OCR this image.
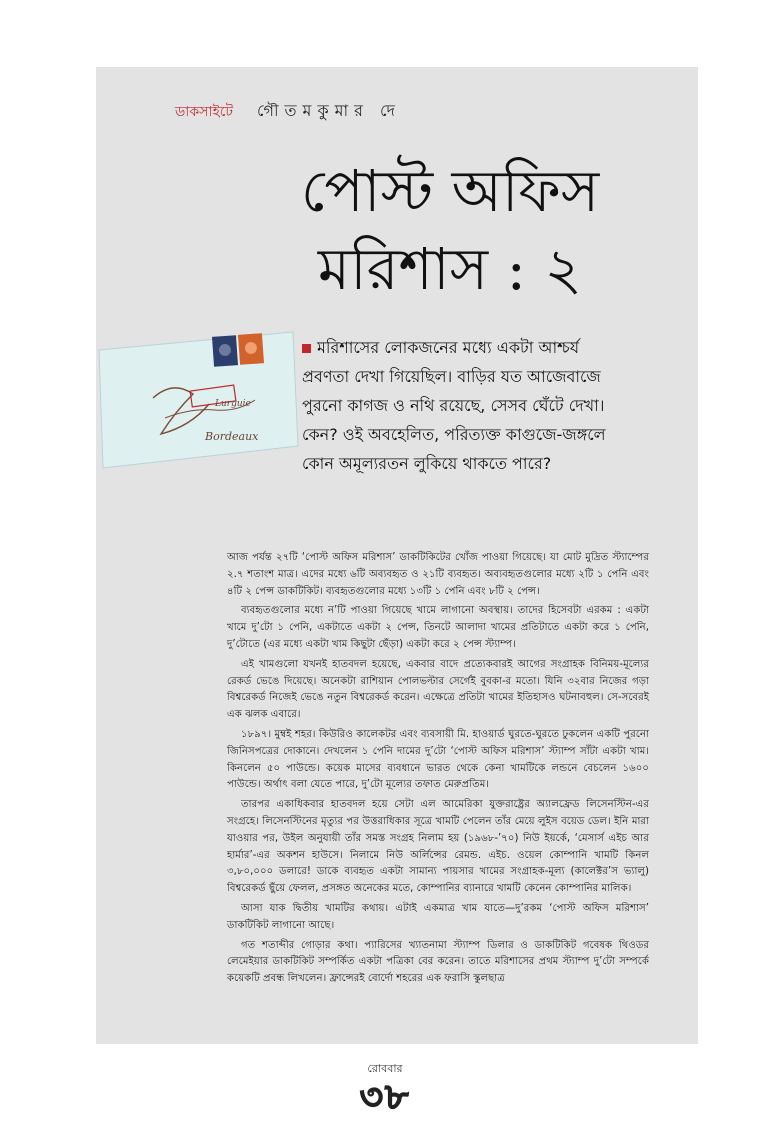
ডাকসাইটে গৌতমকুমার দে
পোস্ট অফিস
মরিশাস : ২
Lurguie
Bordeaux
মরিশাসের লোকজনের মধ্যে একটা আশ্চর্য
প্রবণতা দেখা গিয়েছিল। বাড়ির যত আজেবাজে
পুরনো কাগজ ও নথি রয়েছে, সেসব ঘেঁটে দেখা।
কেন? ওই অবহেলিত, পরিত্যক্ত কাগুজে-জঙ্গলে
কোন অমূল্যরতন লুকিয়ে থাকতে পারে?

আজ পর্যন্ত ২৭টি ‘পোস্ট অফিস মরিশাস’ ডাকটিকিটের খোঁজ পাওয়া গিয়েছে। যা মোট মুদ্রিত স্ট্যাম্পের ২.৭ শতাংশ মাত্র। এদের মধ্যে ৬টি অব্যবহৃত ও ২১টি ব্যবহৃত। অব্যবহৃতগুলোর মধ্যে ২টি ১ পেনি এবং ৪টি ২ পেন্স ডাকটিকিট। ব্যবহৃতগুলোর মধ্যে ১৩টি ১ পেনি এবং ৮টি ২ পেন্স।

ব্যবহৃতগুলোর মধ্যে ন’টি পাওয়া গিয়েছে খামে লাগানো অবস্থায়। তাদের হিসেবটা এরকম : একটা খামে দু’টো ১ পেনি, একটাতে একটা ২ পেন্স, তিনটে আলাদা খামের প্রতিটাতে একটা করে ১ পেনি, দু’টোতে (এর মধ্যে একটা খাম কিছুটা ছেঁড়া) একটা করে ২ পেন্স স্ট্যাম্প।

এই খামগুলো যখনই হাতবদল হয়েছে, একবার বাদে প্রত্যেকবারই আগের সংগ্রাহক বিনিময়-মূল্যের রেকর্ড ভেঙে দিয়েছে। অনেকটা রাশিয়ান পোলভল্টার সের্গেই বুবকা-র মতো। যিনি ৩২বার নিজের গড়া বিশ্বরেকর্ড নিজেই ভেঙে নতুন বিশ্বরেকর্ড করেন। এক্ষেত্রে প্রতিটা খামের ইতিহাসও ঘটনাবহুল। সে-সবেরই এক ঝলক এবারে।

১৮৯৭। মুম্বই শহর। কিউরিও কালেকটর এবং ব্যবসায়ী মি. হাওয়ার্ড ঘুরতে-ঘুরতে ঢুকলেন একটি পুরনো জিনিসপত্রের দোকানে। দেখলেন ১ পেনি দামের দু’টো ‘পোস্ট অফিস মরিশাস’ স্ট্যাম্প সাঁটা একটা খাম। কিনলেন ৫০ পাউন্ডে। কয়েক মাসের ব্যবধানে ভারত থেকে কেনা খামটিকে লন্ডনে বেচলেন ১৬০০ পাউন্ডে। অর্থাৎ বলা যেতে পারে, দু’টো মূল্যের তফাত মেরুপ্রতিম।

তারপর একাধিকবার হাতবদল হয়ে সেটা এল আমেরিকা যুক্তরাষ্ট্রের অ্যালফ্রেড লিসেনস্টিন-এর সংগ্রহে। লিসেনস্টিনের মৃত্যুর পর উত্তরাধিকার সূত্রে খামটি পেলেন তাঁর মেয়ে লুইস বয়েড ডেল। ইনি মারা যাওয়ার পর, উইল অনুযায়ী তাঁর সমস্ত সংগ্রহ নিলাম হয় (১৯৬৮-’৭০) নিউ ইয়র্কে, ‘মেসার্স এইচ আর হার্মার’-এর অকশন হাউসে। নিলামে নিউ অর্লিন্সের রেমন্ড. এইচ. ওয়েল কোম্পানি খামটি কিনল ৩,৮০,০০০ ডলারে! ডাকে ব্যবহৃত একটা সামান্য পায়সার খামের সংগ্রাহক-মূল্য (কালেক্টর’স ভ্যালু) বিশ্বরেকর্ড ছুঁয়ে ফেলল, প্রসঙ্গত অনেকের মতে, কোম্পানির ব্যানারে খামটি কেনেন কোম্পানির মালিক।

আসা যাক দ্বিতীয় খামটির কথায়। এটাই একমাত্র খাম যাতে—দু’রকম ‘পোস্ট অফিস মরিশাস’ ডাকটিকিট লাগানো আছে।

গত শতাব্দীর গোড়ার কথা। প্যারিসের খ্যাতনামা স্ট্যাম্প ডিলার ও ডাকটিকিট গবেষক থিওডর লেমেইয়ার ডাকটিকিট সম্পর্কিত একটা পত্রিকা বের করেন। তাতে মরিশাসের প্রথম স্ট্যাম্প দু’টো সম্পর্কে কয়েকটি প্রবন্ধ লিখলেন। ফ্রান্সেরই বোর্দো শহরের এক ফরাসি স্কুলছাত্র

রোববার
৩৮
